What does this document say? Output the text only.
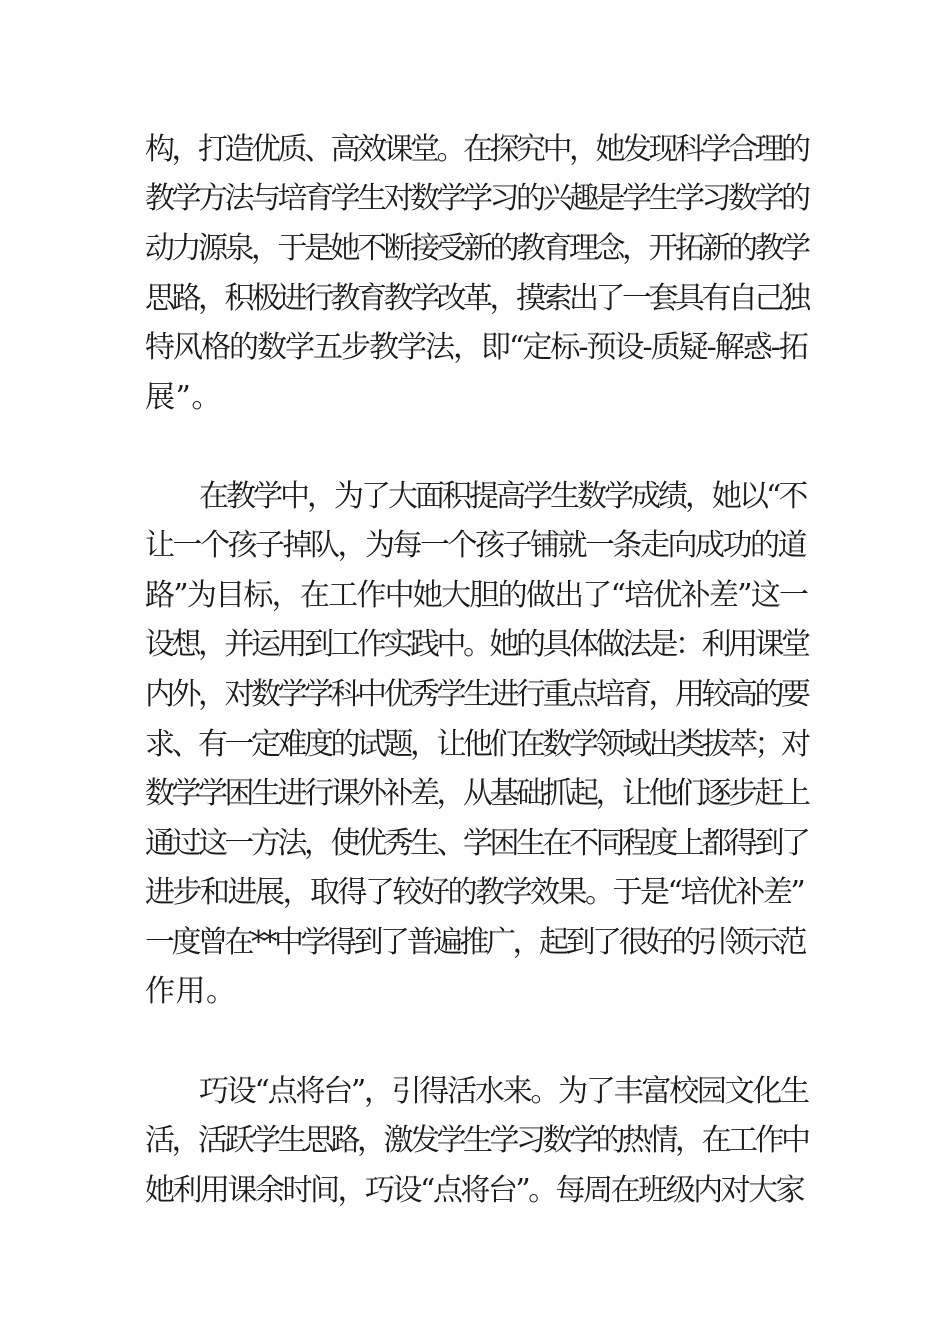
构，打造优质、高效课堂。在探究中，她发现科学合理的
教学方法与培育学生对数学学习的兴趣是学生学习数学的
动力源泉，于是她不断接受新的教育理念，开拓新的教学
思路，积极进行教育教学改革，摸索出了一套具有自己独
特风格的数学五步教学法，即“定标-预设-质疑-解惑-拓
展”。
在教学中，为了大面积提高学生数学成绩，她以“不
让一个孩子掉队，为每一个孩子铺就一条走向成功的道
路”为目标，在工作中她大胆的做出了“培优补差”这一
设想，并运用到工作实践中。她的具体做法是：利用课堂
内外，对数学学科中优秀学生进行重点培育，用较高的要
求、有一定难度的试题，让他们在数学领域出类拔萃；对
数学学困生进行课外补差，从基础抓起，让他们逐步赶上
通过这一方法，使优秀生、学困生在不同程度上都得到了
进步和进展，取得了较好的教学效果。于是“培优补差”
一度曾在**中学得到了普遍推广，起到了很好的引领示范
作用。
巧设“点将台”，引得活水来。为了丰富校园文化生
活，活跃学生思路，激发学生学习数学的热情，在工作中
她利用课余时间，巧设“点将台”。每周在班级内对大家
